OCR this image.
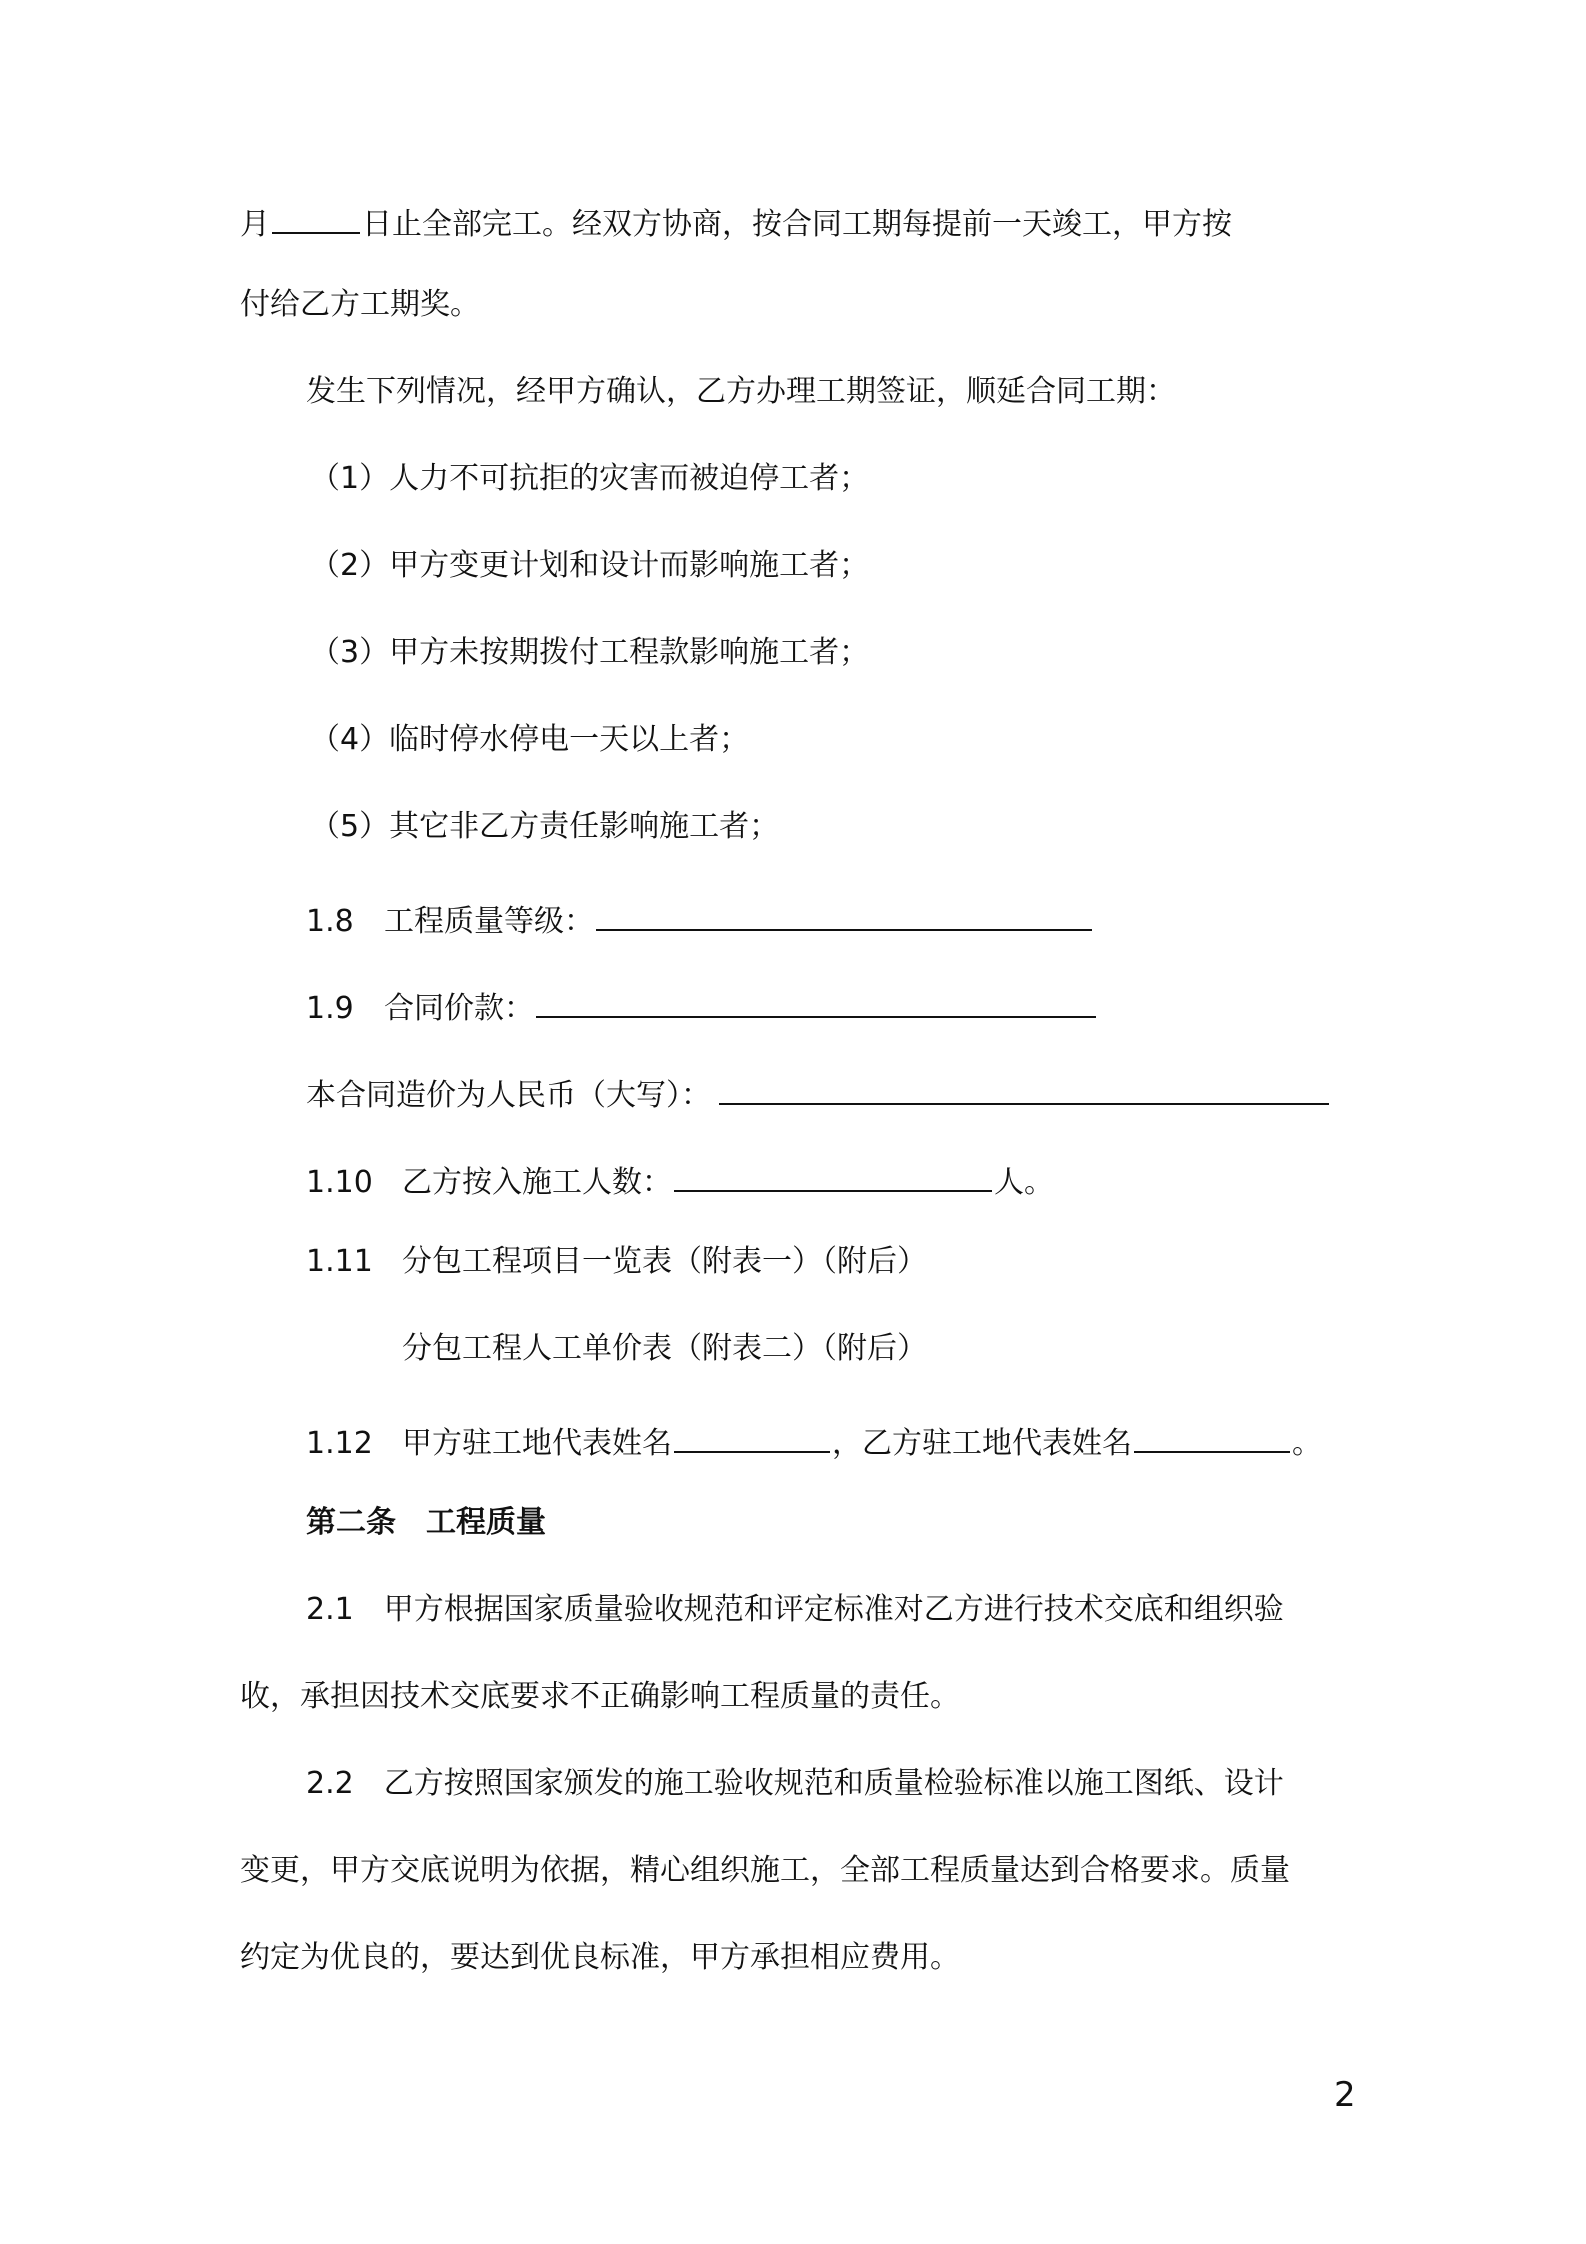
月	日止全部完工。经双方协商，按合同工期每提前一天竣工，甲方按
付给乙方工期奖。
发生下列情况，经甲方确认，乙方办理工期签证，顺延合同工期：
（1）人力不可抗拒的灾害而被迫停工者；
（2）甲方变更计划和设计而影响施工者；
（3）甲方未按期拨付工程款影响施工者；
（4）临时停水停电一天以上者；
（5）其它非乙方责任影响施工者；
1.8 工程质量等级：
1.9 合同价款：
本合同造价为人民币（大写）：
1.10 乙方按入施工人数：	人。
1.11 分包工程项目一览表（附表一）（附后）
分包工程人工单价表（附表二）（附后）
1.12 甲方驻工地代表姓名	，乙方驻工地代表姓名	。
第二条　工程质量
2.1　甲方根据国家质量验收规范和评定标准对乙方进行技术交底和组织验
收，承担因技术交底要求不正确影响工程质量的责任。
2.2　乙方按照国家颁发的施工验收规范和质量检验标准以施工图纸、设计
变更，甲方交底说明为依据，精心组织施工，全部工程质量达到合格要求。质量
约定为优良的，要达到优良标准，甲方承担相应费用。
2
